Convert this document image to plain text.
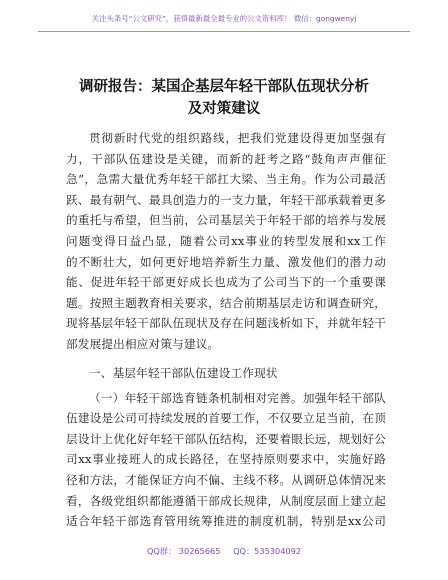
关注头条号“公文研究”，获得最新最全最专业的公文资料库！ 微信：gongwenyj
调研报告：某国企基层年轻干部队伍现状分析
及对策建议
贯彻新时代党的组织路线，把我们党建设得更加坚强有
力，干部队伍建设是关键，而新的赶考之路“鼓角声声催征
急”，急需大量优秀年轻干部扛大梁、当主角。作为公司最活
跃、最有朝气、最具创造力的一支力量，年轻干部承载着更多
的重托与希望，但当前，公司基层关于年轻干部的培养与发展
问题变得日益凸显，随着公司xx事业的转型发展和xx工作
的不断壮大，如何更好地培养新生力量、激发他们的潜力动
能、促进年轻干部更好成长也成为了公司当下的一个重要课
题。按照主题教育相关要求，结合前期基层走访和调查研究，
现将基层年轻干部队伍现状及存在问题浅析如下，并就年轻干
部发展提出相应对策与建议。
一、基层年轻干部队伍建设工作现状
（一）年轻干部选育链条机制相对完善。加强年轻干部队
伍建设是公司可持续发展的首要工作，不仅要立足当前，在顶
层设计上优化好年轻干部队伍结构，还要着眼长远，规划好公
司xx事业接班人的成长路径，在坚持原则要求中，实施好路
径和方法，才能保证方向不偏、主线不移。从调研总体情况来
看，各级党组织都能遵循干部成长规律，从制度层面上建立起
适合年轻干部选育管用统筹推进的制度机制，特别是xx公司
QQ群： 30265665 QQ：535304092
